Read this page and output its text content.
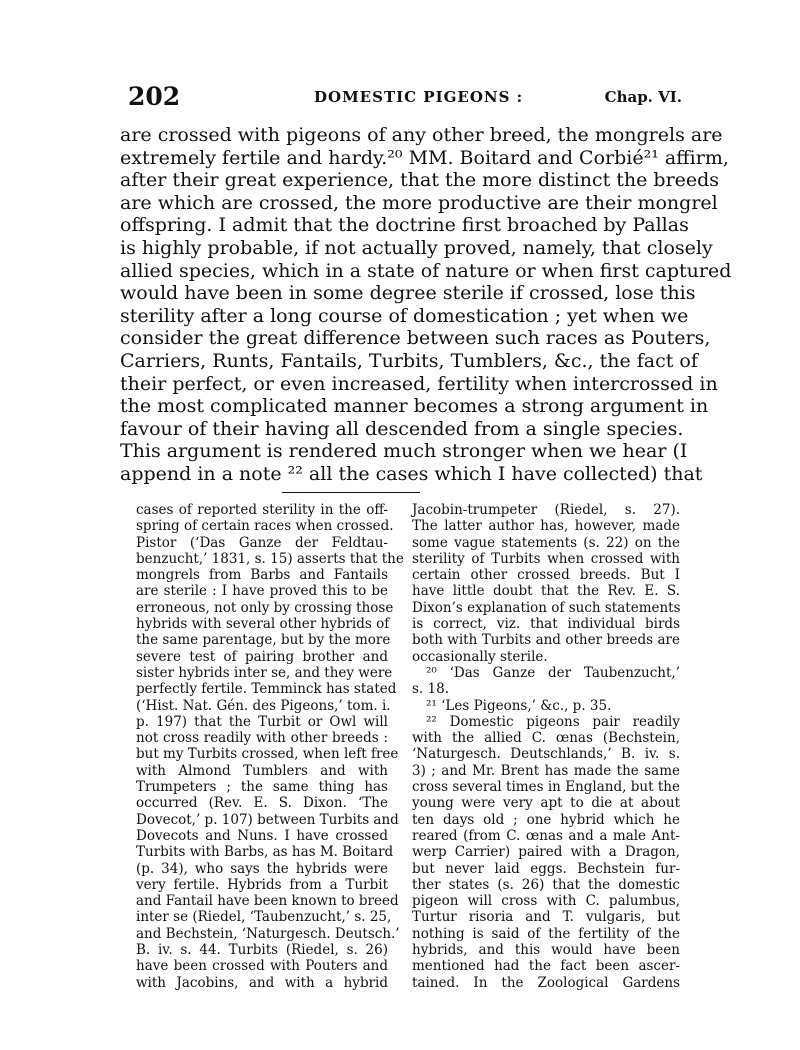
202	DOMESTIC PIGEONS :	Chap. VI.
are crossed with pigeons of any other breed, the mongrels are
extremely fertile and hardy.²⁰ MM. Boitard and Corbié²¹ affirm,
after their great experience, that the more distinct the breeds
are which are crossed, the more productive are their mongrel
offspring. I admit that the doctrine first broached by Pallas
is highly probable, if not actually proved, namely, that closely
allied species, which in a state of nature or when first captured
would have been in some degree sterile if crossed, lose this
sterility after a long course of domestication ; yet when we
consider the great difference between such races as Pouters,
Carriers, Runts, Fantails, Turbits, Tumblers, &c., the fact of
their perfect, or even increased, fertility when intercrossed in
the most complicated manner becomes a strong argument in
favour of their having all descended from a single species.
This argument is rendered much stronger when we hear (I
append in a note ²² all the cases which I have collected) that
cases of reported sterility in the off-
spring of certain races when crossed.
Pistor (‘Das Ganze der Feldtau-
benzucht,’ 1831, s. 15) asserts that the
mongrels from Barbs and Fantails
are sterile : I have proved this to be
erroneous, not only by crossing those
hybrids with several other hybrids of
the same parentage, but by the more
severe test of pairing brother and
sister hybrids inter se, and they were
perfectly fertile. Temminck has stated
(‘Hist. Nat. Gén. des Pigeons,’ tom. i.
p. 197) that the Turbit or Owl will
not cross readily with other breeds :
but my Turbits crossed, when left free
with Almond Tumblers and with
Trumpeters ; the same thing has
occurred (Rev. E. S. Dixon. ‘The
Dovecot,’ p. 107) between Turbits and
Dovecots and Nuns. I have crossed
Turbits with Barbs, as has M. Boitard
(p. 34), who says the hybrids were
very fertile. Hybrids from a Turbit
and Fantail have been known to breed
inter se (Riedel, ‘Taubenzucht,’ s. 25,
and Bechstein, ‘Naturgesch. Deutsch.’
B. iv. s. 44. Turbits (Riedel, s. 26)
have been crossed with Pouters and
with Jacobins, and with a hybrid
Jacobin-trumpeter (Riedel, s. 27).
The latter author has, however, made
some vague statements (s. 22) on the
sterility of Turbits when crossed with
certain other crossed breeds. But I
have little doubt that the Rev. E. S.
Dixon’s explanation of such statements
is correct, viz. that individual birds
both with Turbits and other breeds are
occasionally sterile.
²⁰ ‘Das Ganze der Taubenzucht,’
s. 18.
²¹ ‘Les Pigeons,’ &c., p. 35.
²² Domestic pigeons pair readily
with the allied C. œnas (Bechstein,
‘Naturgesch. Deutschlands,’ B. iv. s.
3) ; and Mr. Brent has made the same
cross several times in England, but the
young were very apt to die at about
ten days old ; one hybrid which he
reared (from C. œnas and a male Ant-
werp Carrier) paired with a Dragon,
but never laid eggs. Bechstein fur-
ther states (s. 26) that the domestic
pigeon will cross with C. palumbus,
Turtur risoria and T. vulgaris, but
nothing is said of the fertility of the
hybrids, and this would have been
mentioned had the fact been ascer-
tained. In the Zoological Gardens
